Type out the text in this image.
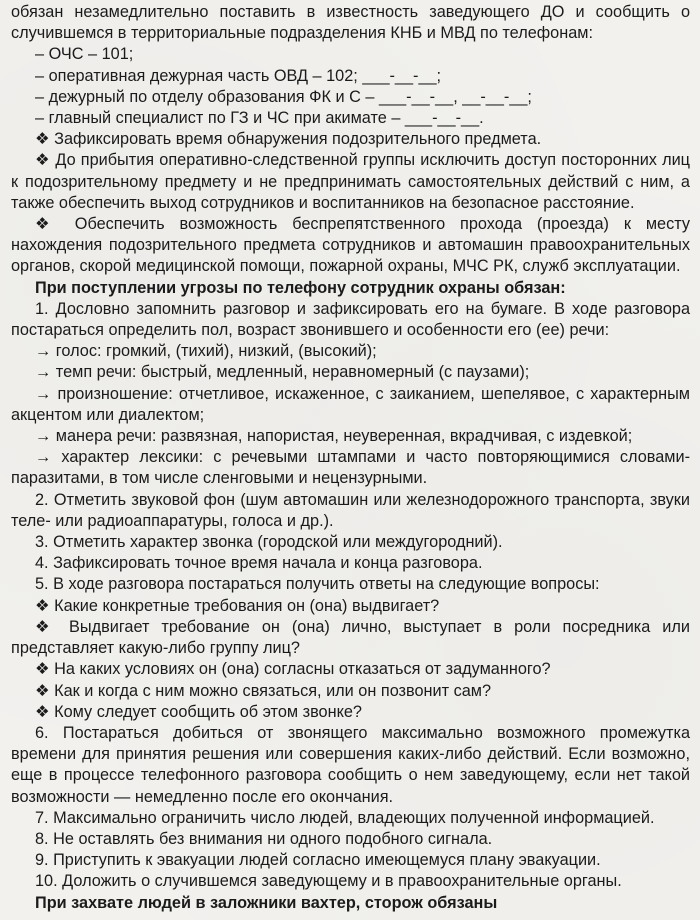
обязан незамедлительно поставить в известность заведующего ДО и сообщить о случившемся в территориальные подразделения КНБ и МВД по телефонам:
– ОЧС – 101;
– оперативная дежурная часть ОВД – 102; ___-__-__;
– дежурный по отделу образования ФК и С – ___-__-__, __-__-__;
– главный специалист по ГЗ и ЧС при акимате – ___-__-__.
❖ Зафиксировать время обнаружения подозрительного предмета.
❖ До прибытия оперативно-следственной группы исключить доступ посторонних лиц к подозрительному предмету и не предпринимать самостоятельных действий с ним, а также обеспечить выход сотрудников и воспитанников на безопасное расстояние.
❖ Обеспечить возможность беспрепятственного прохода (проезда) к месту нахождения подозрительного предмета сотрудников и автомашин правоохранительных органов, скорой медицинской помощи, пожарной охраны, МЧС РК, служб эксплуатации.
При поступлении угрозы по телефону сотрудник охраны обязан:
1. Дословно запомнить разговор и зафиксировать его на бумаге. В ходе разговора постараться определить пол, возраст звонившего и особенности его (ее) речи:
→ голос: громкий, (тихий), низкий, (высокий);
→ темп речи: быстрый, медленный, неравномерный (с паузами);
→ произношение: отчетливое, искаженное, с заиканием, шепелявое, с характерным акцентом или диалектом;
→ манера речи: развязная, напористая, неуверенная, вкрадчивая, с издевкой;
→ характер лексики: с речевыми штампами и часто повторяющимися словами-паразитами, в том числе сленговыми и нецензурными.
2. Отметить звуковой фон (шум автомашин или железнодорожного транспорта, звуки теле- или радиоаппаратуры, голоса и др.).
3. Отметить характер звонка (городской или междугородний).
4. Зафиксировать точное время начала и конца разговора.
5. В ходе разговора постараться получить ответы на следующие вопросы:
❖ Какие конкретные требования он (она) выдвигает?
❖ Выдвигает требование он (она) лично, выступает в роли посредника или представляет какую-либо группу лиц?
❖ На каких условиях он (она) согласны отказаться от задуманного?
❖ Как и когда с ним можно связаться, или он позвонит сам?
❖ Кому следует сообщить об этом звонке?
6. Постараться добиться от звонящего максимально возможного промежутка времени для принятия решения или совершения каких-либо действий. Если возможно, еще в процессе телефонного разговора сообщить о нем заведующему, если нет такой возможности — немедленно после его окончания.
7. Максимально ограничить число людей, владеющих полученной информацией.
8. Не оставлять без внимания ни одного подобного сигнала.
9. Приступить к эвакуации людей согласно имеющемуся плану эвакуации.
10. Доложить о случившемся заведующему и в правоохранительные органы.
При захвате людей в заложники вахтер, сторож обязаны
